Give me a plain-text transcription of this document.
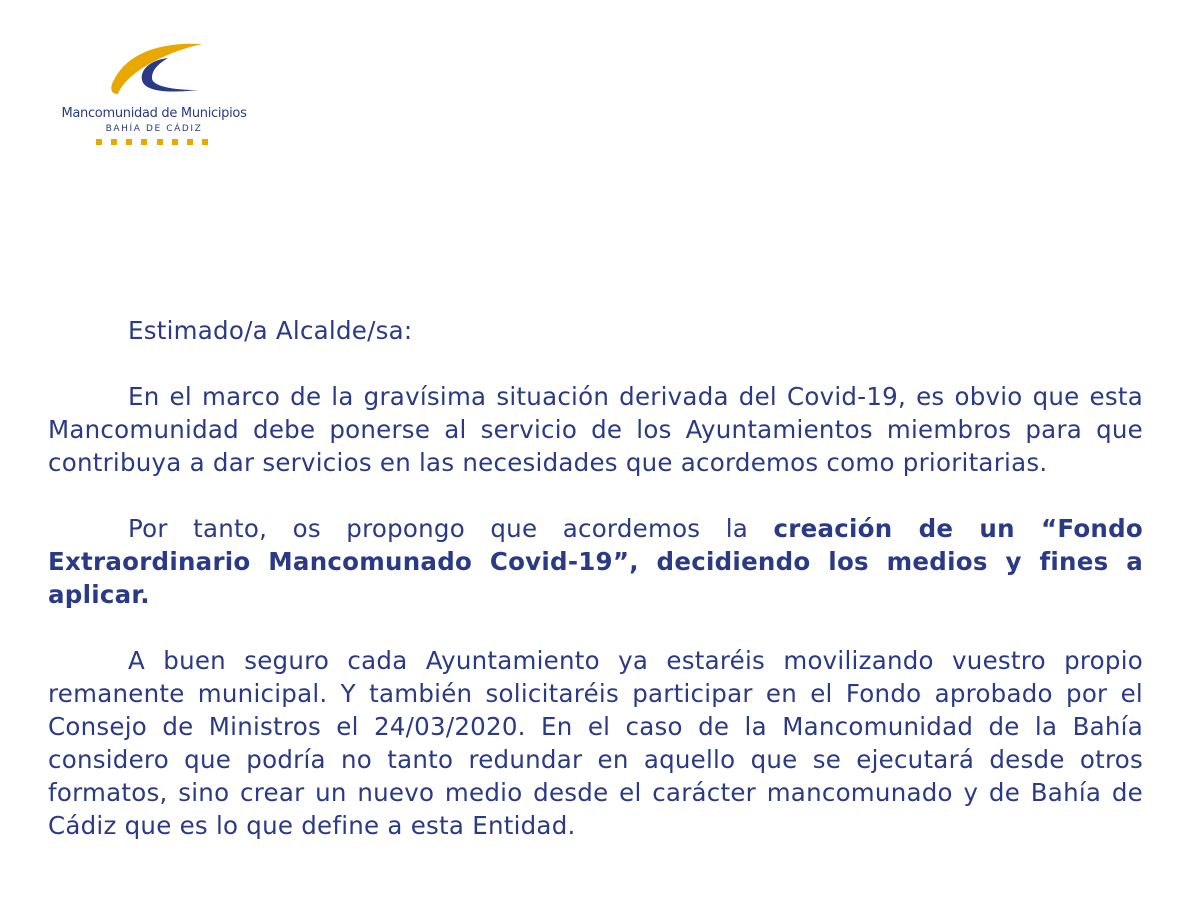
Mancomunidad de Municipios
BAHÍA DE CÁDIZ

Estimado/a Alcalde/sa:

En el marco de la gravísima situación derivada del Covid-19, es obvio que esta Mancomunidad debe ponerse al servicio de los Ayuntamientos miembros para que contribuya a dar servicios en las necesidades que acordemos como prioritarias.

Por tanto, os propongo que acordemos la creación de un “Fondo Extraordinario Mancomunado Covid-19”, decidiendo los medios y fines a aplicar.

A buen seguro cada Ayuntamiento ya estaréis movilizando vuestro propio remanente municipal. Y también solicitaréis participar en el Fondo aprobado por el Consejo de Ministros el 24/03/2020. En el caso de la Mancomunidad de la Bahía considero que podría no tanto redundar en aquello que se ejecutará desde otros formatos, sino crear un nuevo medio desde el carácter mancomunado y de Bahía de Cádiz que es lo que define a esta Entidad.
